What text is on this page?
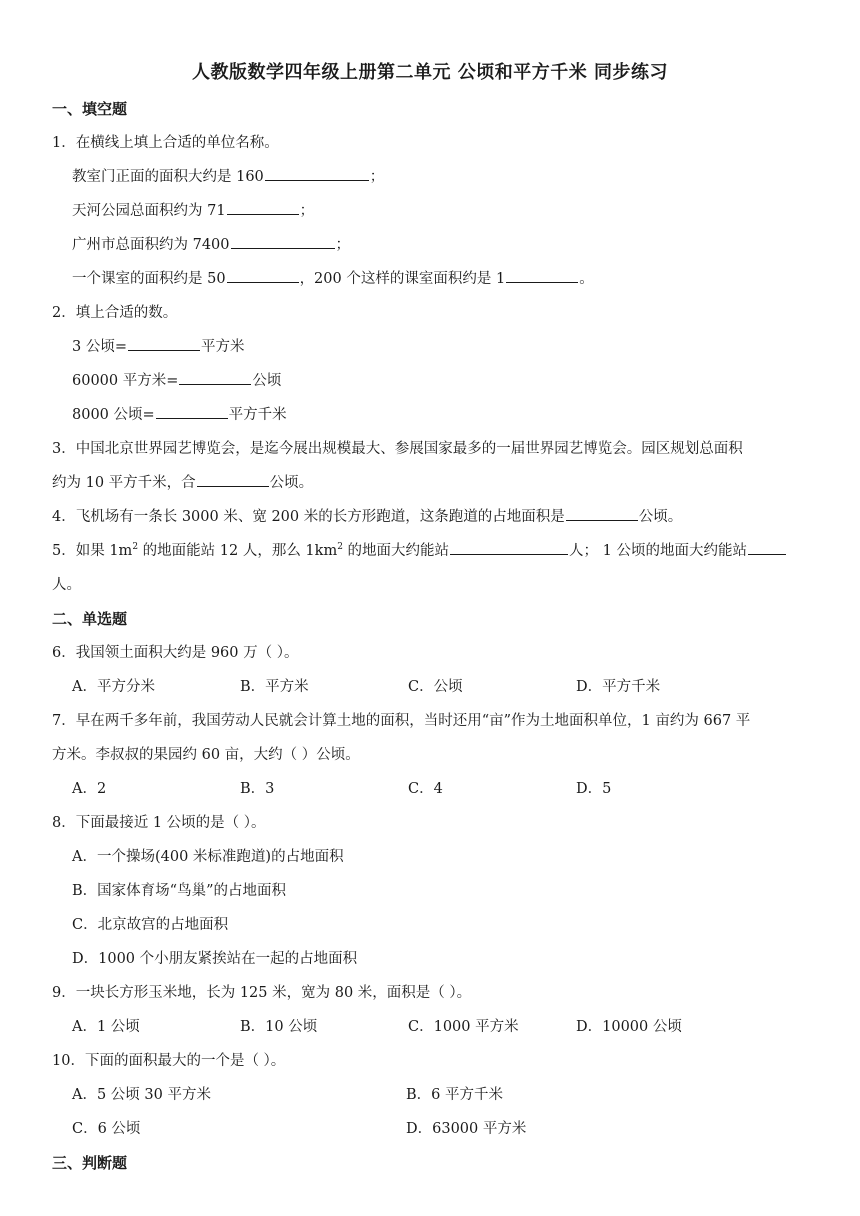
人教版数学四年级上册第二单元 公顷和平方千米 同步练习
一、填空题
1．在横线上填上合适的单位名称。
教室门正面的面积大约是 160	；
天河公园总面积约为 71	；
广州市总面积约为 7400	；
一个课室的面积约是 50	，200 个这样的课室面积约是 1	。
2．填上合适的数。
3 公顷=	平方米
60000 平方米=	公顷
8000 公顷=	平方千米
3．中国北京世界园艺博览会，是迄今展出规模最大、参展国家最多的一届世界园艺博览会。园区规划总面积
约为 10 平方千米，合	公顷。
4．飞机场有一条长 3000 米、宽 200 米的长方形跑道，这条跑道的占地面积是	公顷。
5．如果 $1m^2$ 的地面能站 12 人，那么 $1km^2$ 的地面大约能站	人； 1 公顷的地面大约能站
人。
二、单选题
6．我国领土面积大约是 960 万（ ）。
A．平方分米	B．平方米	C．公顷	D．平方千米
7．早在两千多年前，我国劳动人民就会计算土地的面积，当时还用“亩”作为土地面积单位，1 亩约为 667 平
方米。李叔叔的果园约 60 亩，大约（ ）公顷。
A．2	B．3	C．4	D．5
8．下面最接近 1 公顷的是（ ）。
A．一个操场(400 米标准跑道)的占地面积
B．国家体育场“鸟巢”的占地面积
C．北京故宫的占地面积
D．1000 个小朋友紧挨站在一起的占地面积
9．一块长方形玉米地，长为 125 米，宽为 80 米，面积是（ ）。
A．1 公顷	B．10 公顷	C．1000 平方米	D．10000 公顷
10．下面的面积最大的一个是（ ）。
A．5 公顷 30 平方米	B．6 平方千米
C．6 公顷	D．63000 平方米
三、判断题
